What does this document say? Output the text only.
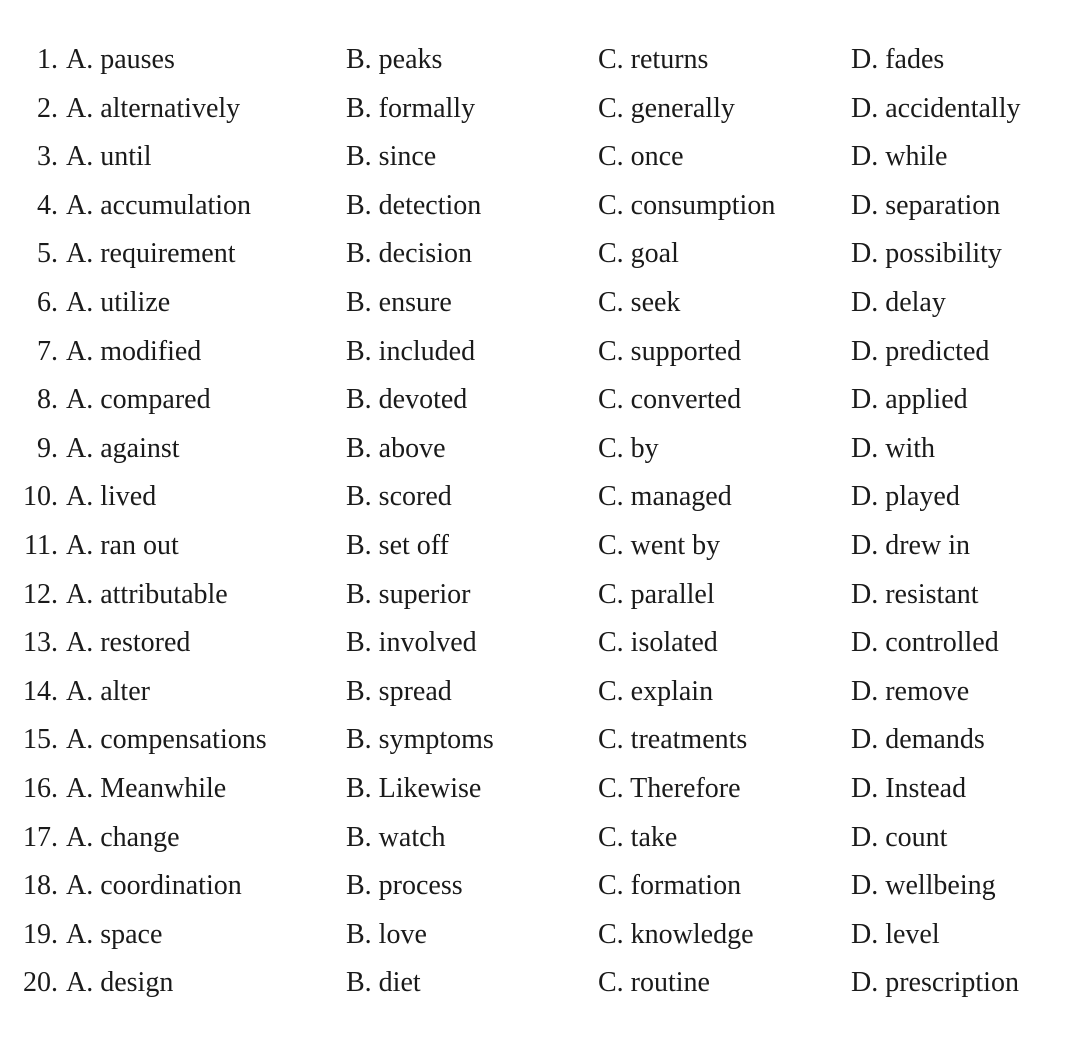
1. A. pauses	B. peaks	C. returns	D. fades
2. A. alternatively	B. formally	C. generally	D. accidentally
3. A. until	B. since	C. once	D. while
4. A. accumulation	B. detection	C. consumption	D. separation
5. A. requirement	B. decision	C. goal	D. possibility
6. A. utilize	B. ensure	C. seek	D. delay
7. A. modified	B. included	C. supported	D. predicted
8. A. compared	B. devoted	C. converted	D. applied
9. A. against	B. above	C. by	D. with
10. A. lived	B. scored	C. managed	D. played
11. A. ran out	B. set off	C. went by	D. drew in
12. A. attributable	B. superior	C. parallel	D. resistant
13. A. restored	B. involved	C. isolated	D. controlled
14. A. alter	B. spread	C. explain	D. remove
15. A. compensations	B. symptoms	C. treatments	D. demands
16. A. Meanwhile	B. Likewise	C. Therefore	D. Instead
17. A. change	B. watch	C. take	D. count
18. A. coordination	B. process	C. formation	D. wellbeing
19. A. space	B. love	C. knowledge	D. level
20. A. design	B. diet	C. routine	D. prescription
